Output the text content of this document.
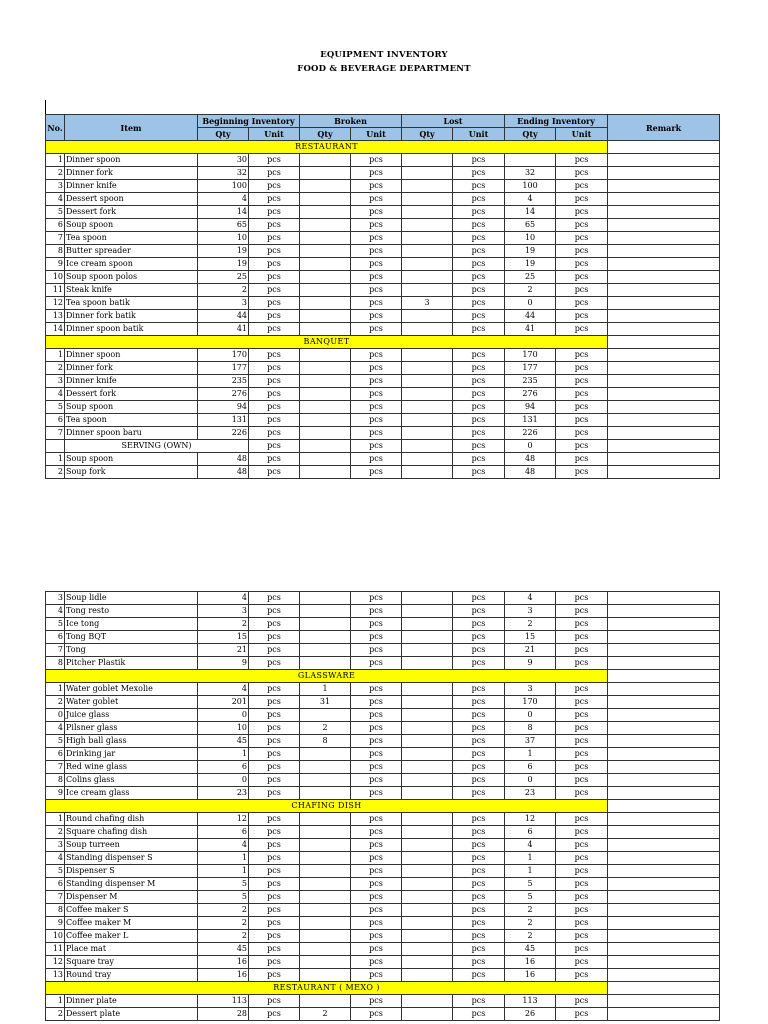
EQUIPMENT INVENTORY
FOOD & BEVERAGE DEPARTMENT
No.	Item	Beginning Inventory		Broken		Lost		Ending Inventory		Remark
		Qty	Unit	Qty	Unit	Qty	Unit	Qty	Unit	
RESTAURANT										
1	Dinner spoon	30	pcs		pcs		pcs		pcs	
2	Dinner fork	32	pcs		pcs		pcs	32	pcs	
3	Dinner knife	100	pcs		pcs		pcs	100	pcs	
4	Dessert spoon	4	pcs		pcs		pcs	4	pcs	
5	Dessert fork	14	pcs		pcs		pcs	14	pcs	
6	Soup spoon	65	pcs		pcs		pcs	65	pcs	
7	Tea spoon	10	pcs		pcs		pcs	10	pcs	
8	Butter spreader	19	pcs		pcs		pcs	19	pcs	
9	Ice cream spoon	19	pcs		pcs		pcs	19	pcs	
10	Soup spoon polos	25	pcs		pcs		pcs	25	pcs	
11	Steak knife	2	pcs		pcs		pcs	2	pcs	
12	Tea spoon batik	3	pcs		pcs	3	pcs	0	pcs	
13	Dinner fork batik	44	pcs		pcs		pcs	44	pcs	
14	Dinner spoon batik	41	pcs		pcs		pcs	41	pcs	
BANQUET										
1	Dinner spoon	170	pcs		pcs		pcs	170	pcs	
2	Dinner fork	177	pcs		pcs		pcs	177	pcs	
3	Dinner knife	235	pcs		pcs		pcs	235	pcs	
4	Dessert fork	276	pcs		pcs		pcs	276	pcs	
5	Soup spoon	94	pcs		pcs		pcs	94	pcs	
6	Tea spoon	131	pcs		pcs		pcs	131	pcs	
7	Dinner spoon baru	226	pcs		pcs		pcs	226	pcs	
	SERVING (OWN)		pcs		pcs		pcs	0	pcs	
1	Soup spoon	48	pcs		pcs		pcs	48	pcs	
2	Soup fork	48	pcs		pcs		pcs	48	pcs	
3	Soup lidle	4	pcs		pcs		pcs	4	pcs	
4	Tong resto	3	pcs		pcs		pcs	3	pcs	
5	Ice tong	2	pcs		pcs		pcs	2	pcs	
6	Tong BQT	15	pcs		pcs		pcs	15	pcs	
7	Tong	21	pcs		pcs		pcs	21	pcs	
8	Pitcher Plastik	9	pcs		pcs		pcs	9	pcs	
GLASSWARE										
1	Water goblet Mexolie	4	pcs	1	pcs		pcs	3	pcs	
2	Water goblet	201	pcs	31	pcs		pcs	170	pcs	
0	Juice glass	0	pcs		pcs		pcs	0	pcs	
4	Pilsner glass	10	pcs	2	pcs		pcs	8	pcs	
5	High ball glass	45	pcs	8	pcs		pcs	37	pcs	
6	Drinking jar	1	pcs		pcs		pcs	1	pcs	
7	Red wine glass	6	pcs		pcs		pcs	6	pcs	
8	Colins glass	0	pcs		pcs		pcs	0	pcs	
9	Ice cream glass	23	pcs		pcs		pcs	23	pcs	
CHAFING DISH										
1	Round chafing dish	12	pcs		pcs		pcs	12	pcs	
2	Square chafing dish	6	pcs		pcs		pcs	6	pcs	
3	Soup turreen	4	pcs		pcs		pcs	4	pcs	
4	Standing dispenser S	1	pcs		pcs		pcs	1	pcs	
5	Dispenser S	1	pcs		pcs		pcs	1	pcs	
6	Standing dispenser M	5	pcs		pcs		pcs	5	pcs	
7	Dispenser M	5	pcs		pcs		pcs	5	pcs	
8	Coffee maker S	2	pcs		pcs		pcs	2	pcs	
9	Coffee maker M	2	pcs		pcs		pcs	2	pcs	
10	Coffee maker L	2	pcs		pcs		pcs	2	pcs	
11	Place mat	45	pcs		pcs		pcs	45	pcs	
12	Square tray	16	pcs		pcs		pcs	16	pcs	
13	Round tray	16	pcs		pcs		pcs	16	pcs	
RESTAURANT ( MEXO )										
1	Dinner plate	113	pcs		pcs		pcs	113	pcs	
2	Dessert plate	28	pcs	2	pcs		pcs	26	pcs	
